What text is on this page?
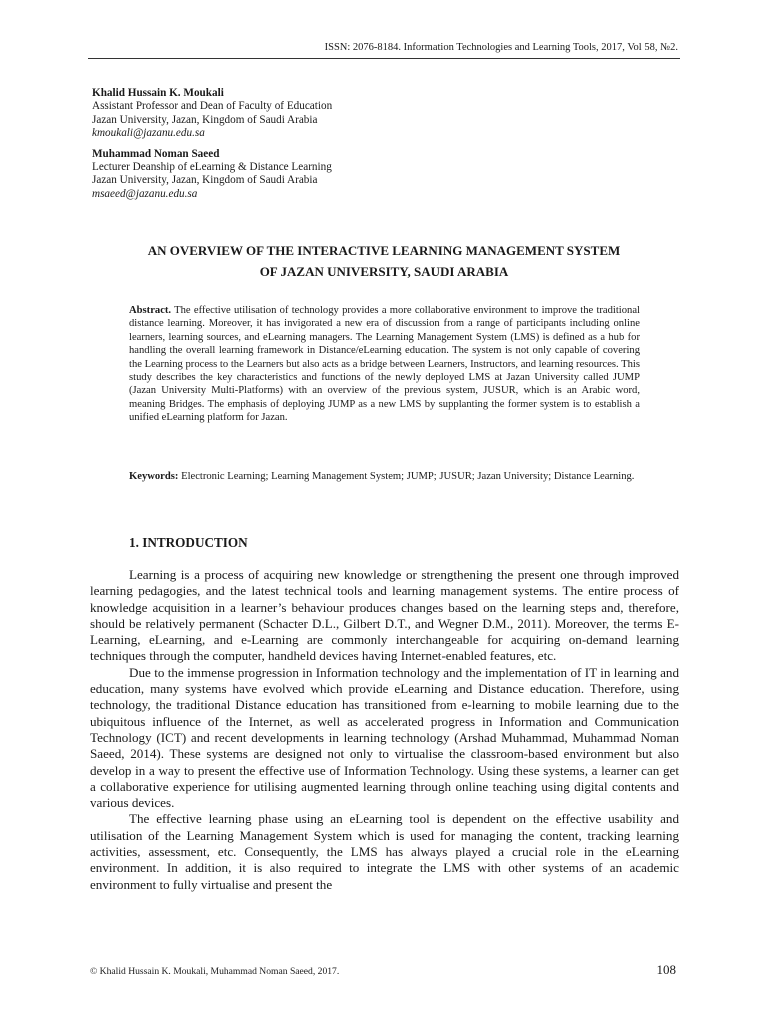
ISSN: 2076-8184. Information Technologies and Learning Tools, 2017, Vol 58, №2.
Khalid Hussain K. Moukali
Assistant Professor and Dean of Faculty of Education
Jazan University, Jazan, Kingdom of Saudi Arabia
kmoukali@jazanu.edu.sa
Muhammad Noman Saeed
Lecturer Deanship of eLearning & Distance Learning
Jazan University, Jazan, Kingdom of Saudi Arabia
msaeed@jazanu.edu.sa
AN OVERVIEW OF THE INTERACTIVE LEARNING MANAGEMENT SYSTEM
OF JAZAN UNIVERSITY, SAUDI ARABIA
Abstract. The effective utilisation of technology provides a more collaborative environment to improve the traditional distance learning. Moreover, it has invigorated a new era of discussion from a range of participants including online learners, learning sources, and eLearning managers. The Learning Management System (LMS) is defined as a hub for handling the overall learning framework in Distance/eLearning education. The system is not only capable of covering the Learning process to the Learners but also acts as a bridge between Learners, Instructors, and learning resources. This study describes the key characteristics and functions of the newly deployed LMS at Jazan University called JUMP (Jazan University Multi-Platforms) with an overview of the previous system, JUSUR, which is an Arabic word, meaning Bridges. The emphasis of deploying JUMP as a new LMS by supplanting the former system is to establish a unified eLearning platform for Jazan.
Keywords: Electronic Learning; Learning Management System; JUMP; JUSUR; Jazan University; Distance Learning.
1. INTRODUCTION

Learning is a process of acquiring new knowledge or strengthening the present one through improved learning pedagogies, and the latest technical tools and learning management systems. The entire process of knowledge acquisition in a learner’s behaviour produces changes based on the learning steps and, therefore, should be relatively permanent (Schacter D.L., Gilbert D.T., and Wegner D.M., 2011). Moreover, the terms E-Learning, eLearning, and e-Learning are commonly interchangeable for acquiring on-demand learning techniques through the computer, handheld devices having Internet-enabled features, etc.

Due to the immense progression in Information technology and the implementation of IT in learning and education, many systems have evolved which provide eLearning and Distance education. Therefore, using technology, the traditional Distance education has transitioned from e-learning to mobile learning due to the ubiquitous influence of the Internet, as well as accelerated progress in Information and Communication Technology (ICT) and recent developments in learning technology (Arshad Muhammad, Muhammad Noman Saeed, 2014). These systems are designed not only to virtualise the classroom-based environment but also develop in a way to present the effective use of Information Technology. Using these systems, a learner can get a collaborative experience for utilising augmented learning through online teaching using digital contents and various devices.

The effective learning phase using an eLearning tool is dependent on the effective usability and utilisation of the Learning Management System which is used for managing the content, tracking learning activities, assessment, etc. Consequently, the LMS has always played a crucial role in the eLearning environment. In addition, it is also required to integrate the LMS with other systems of an academic environment to fully virtualise and present the

© Khalid Hussain K. Moukali, Muhammad Noman Saeed, 2017.	108
